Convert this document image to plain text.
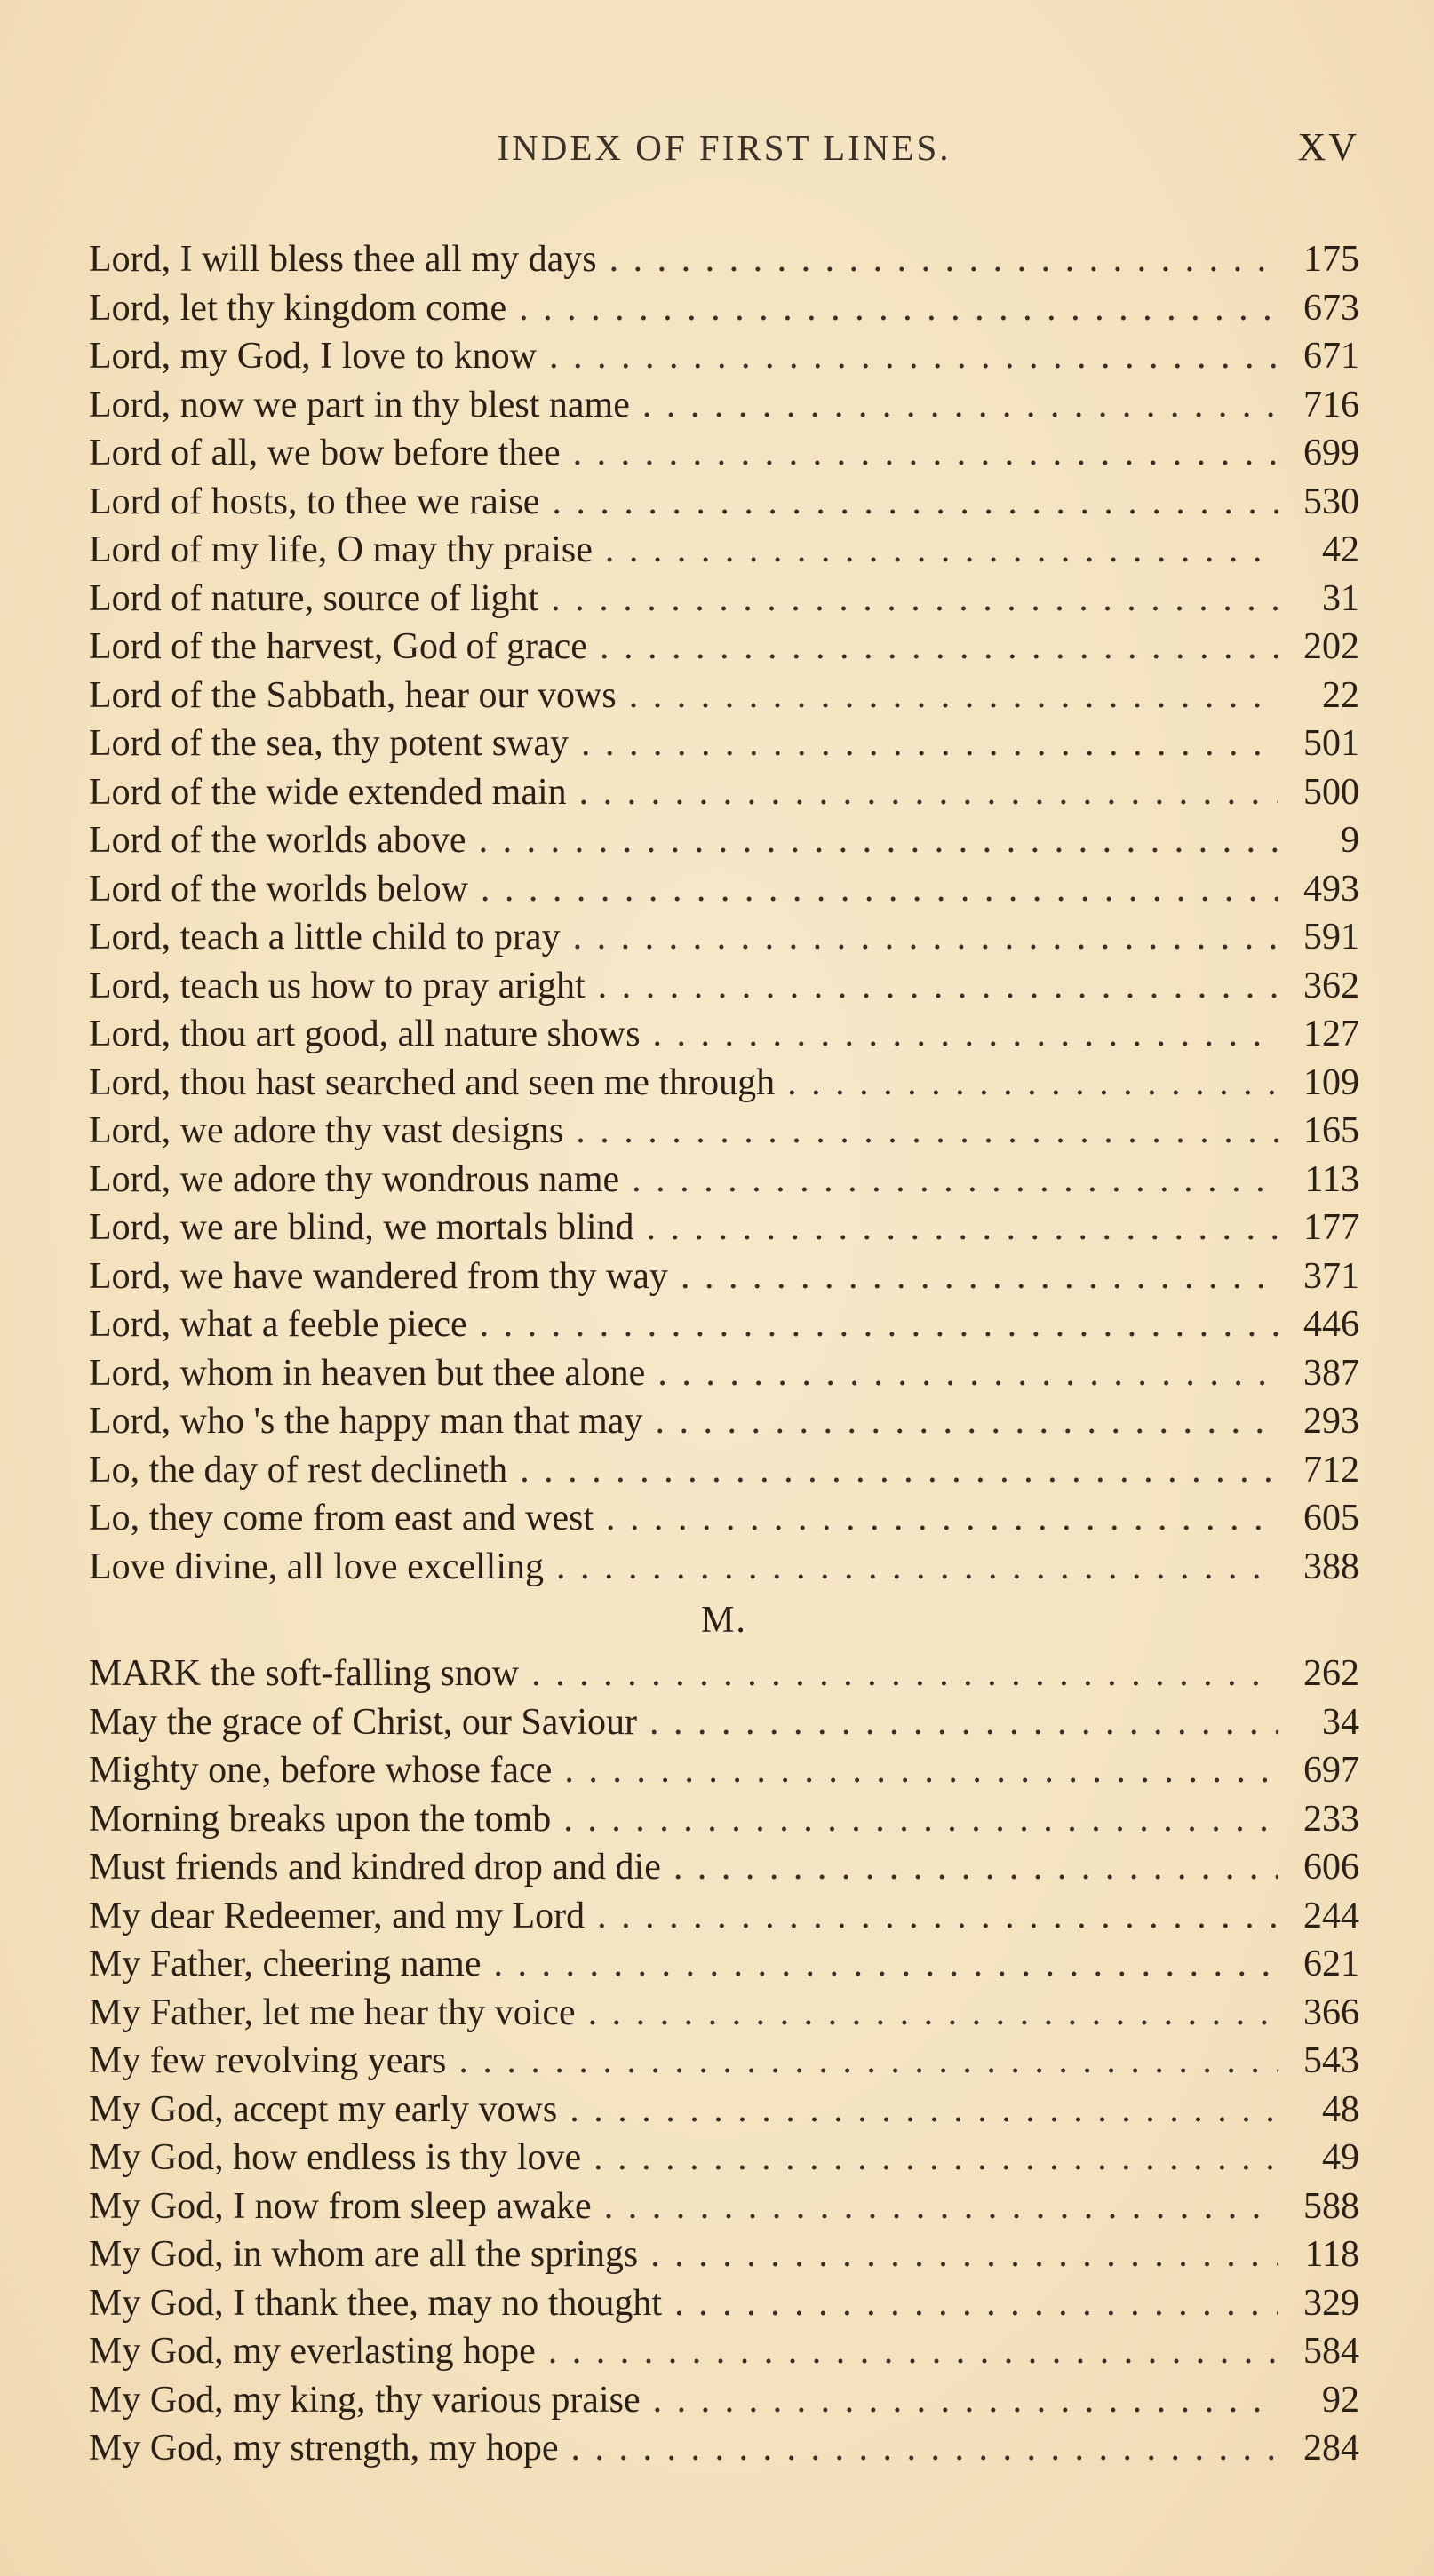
INDEX OF FIRST LINES.	XV
Lord, I will bless thee all my days . . .	175
Lord, let thy kingdom come . . .	673
Lord, my God, I love to know . . .	671
Lord, now we part in thy blest name . . .	716
Lord of all, we bow before thee . . .	699
Lord of hosts, to thee we raise . . .	530
Lord of my life, O may thy praise . . .	42
Lord of nature, source of light . . .	31
Lord of the harvest, God of grace . . .	202
Lord of the Sabbath, hear our vows . . .	22
Lord of the sea, thy potent sway . . .	501
Lord of the wide extended main . . .	500
Lord of the worlds above . . .	9
Lord of the worlds below . . .	493
Lord, teach a little child to pray . . .	591
Lord, teach us how to pray aright . . .	362
Lord, thou art good, all nature shows . . .	127
Lord, thou hast searched and seen me through . . .	109
Lord, we adore thy vast designs . . .	165
Lord, we adore thy wondrous name . . .	113
Lord, we are blind, we mortals blind . . .	177
Lord, we have wandered from thy way . . .	371
Lord, what a feeble piece . . .	446
Lord, whom in heaven but thee alone . . .	387
Lord, who 's the happy man that may . . .	293
Lo, the day of rest declineth . . .	712
Lo, they come from east and west . . .	605
Love divine, all love excelling . . .	388
M.
MARK the soft-falling snow . . .	262
May the grace of Christ, our Saviour . . .	34
Mighty one, before whose face . . .	697
Morning breaks upon the tomb . . .	233
Must friends and kindred drop and die . . .	606
My dear Redeemer, and my Lord . . .	244
My Father, cheering name . . .	621
My Father, let me hear thy voice . . .	366
My few revolving years . . .	543
My God, accept my early vows . . .	48
My God, how endless is thy love . . .	49
My God, I now from sleep awake . . .	588
My God, in whom are all the springs . . .	118
My God, I thank thee, may no thought . . .	329
My God, my everlasting hope . . .	584
My God, my king, thy various praise . . .	92
My God, my strength, my hope . . .	284
